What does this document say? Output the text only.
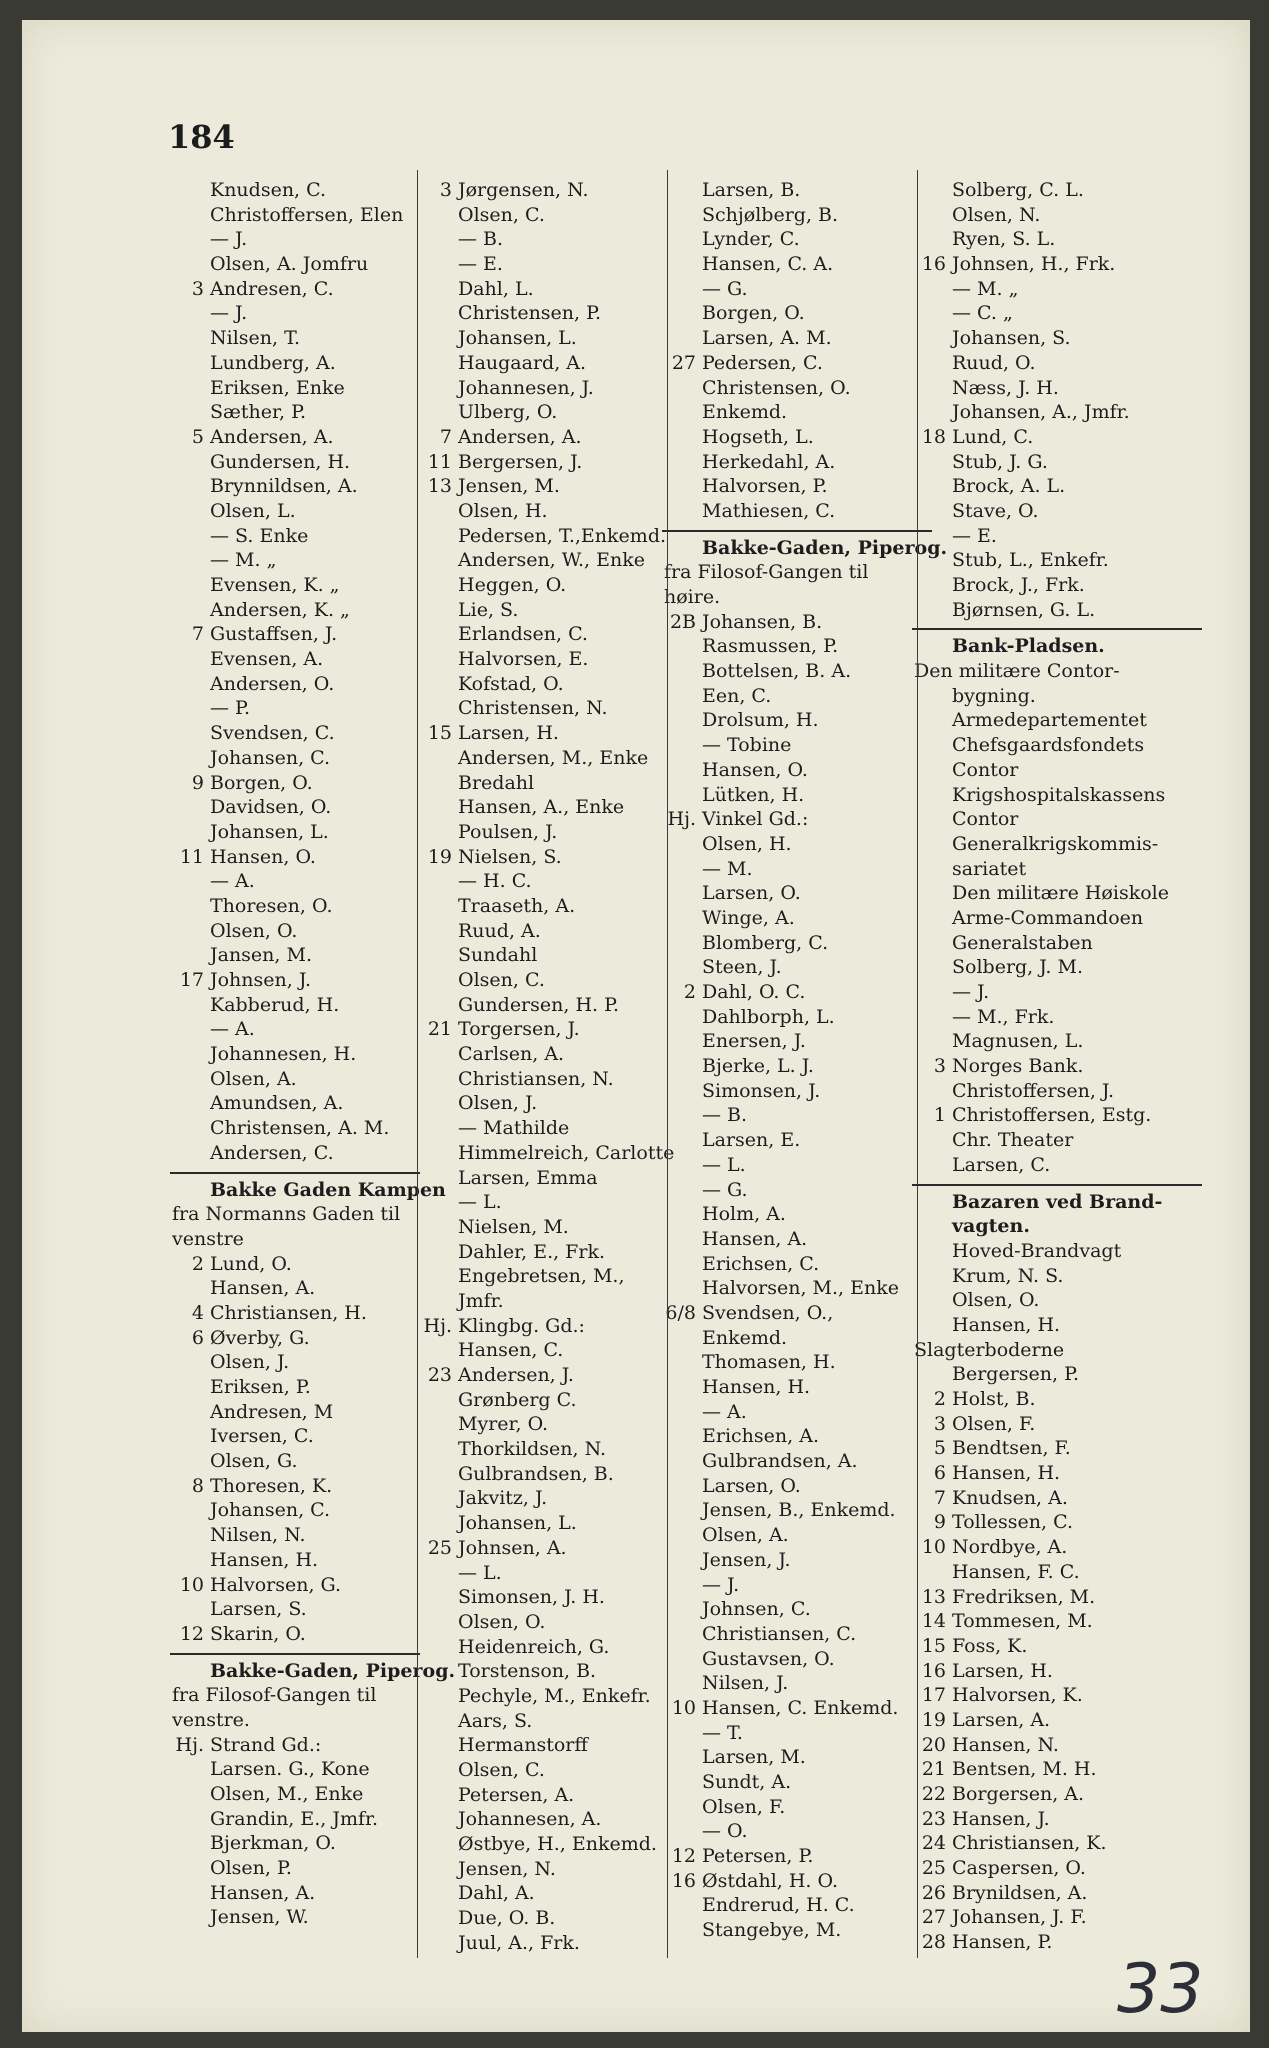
184
Knudsen, C.
Christoffersen, Elen
— J.
Olsen, A. Jomfru
3 Andresen, C.
— J.
Nilsen, T.
Lundberg, A.
Eriksen, Enke
Sæther, P.
5 Andersen, A.
Gundersen, H.
Brynnildsen, A.
Olsen, L.
— S. Enke
— M. „
Evensen, K. „
Andersen, K. „
7 Gustaffsen, J.
Evensen, A.
Andersen, O.
— P.
Svendsen, C.
Johansen, C.
9 Borgen, O.
Davidsen, O.
Johansen, L.
11 Hansen, O.
— A.
Thoresen, O.
Olsen, O.
Jansen, M.
17 Johnsen, J.
Kabberud, H.
— A.
Johannesen, H.
Olsen, A.
Amundsen, A.
Christensen, A. M.
Andersen, C.
Bakke Gaden Kampen
fra Normanns Gaden til
venstre
2 Lund, O.
Hansen, A.
4 Christiansen, H.
6 Øverby, G.
Olsen, J.
Eriksen, P.
Andresen, M
Iversen, C.
Olsen, G.
8 Thoresen, K.
Johansen, C.
Nilsen, N.
Hansen, H.
10 Halvorsen, G.
Larsen, S.
12 Skarin, O.
Bakke-Gaden, Piperog.
fra Filosof-Gangen til
venstre.
Hj. Strand Gd.:
Larsen. G., Kone
Olsen, M., Enke
Grandin, E., Jmfr.
Bjerkman, O.
Olsen, P.
Hansen, A.
Jensen, W.
3 Jørgensen, N.
Olsen, C.
— B.
— E.
Dahl, L.
Christensen, P.
Johansen, L.
Haugaard, A.
Johannesen, J.
Ulberg, O.
7 Andersen, A.
11 Bergersen, J.
13 Jensen, M.
Olsen, H.
Pedersen, T.,Enkemd.
Andersen, W., Enke
Heggen, O.
Lie, S.
Erlandsen, C.
Halvorsen, E.
Kofstad, O.
Christensen, N.
15 Larsen, H.
Andersen, M., Enke
Bredahl
Hansen, A., Enke
Poulsen, J.
19 Nielsen, S.
— H. C.
Traaseth, A.
Ruud, A.
Sundahl
Olsen, C.
Gundersen, H. P.
21 Torgersen, J.
Carlsen, A.
Christiansen, N.
Olsen, J.
— Mathilde
Himmelreich, Carlotte
Larsen, Emma
— L.
Nielsen, M.
Dahler, E., Frk.
Engebretsen, M.,
Jmfr.
Hj. Klingbg. Gd.:
Hansen, C.
23 Andersen, J.
Grønberg C.
Myrer, O.
Thorkildsen, N.
Gulbrandsen, B.
Jakvitz, J.
Johansen, L.
25 Johnsen, A.
— L.
Simonsen, J. H.
Olsen, O.
Heidenreich, G.
Torstenson, B.
Pechyle, M., Enkefr.
Aars, S.
Hermanstorff
Olsen, C.
Petersen, A.
Johannesen, A.
Østbye, H., Enkemd.
Jensen, N.
Dahl, A.
Due, O. B.
Juul, A., Frk.
Larsen, B.
Schjølberg, B.
Lynder, C.
Hansen, C. A.
— G.
Borgen, O.
Larsen, A. M.
27 Pedersen, C.
Christensen, O.
Enkemd.
Hogseth, L.
Herkedahl, A.
Halvorsen, P.
Mathiesen, C.
Bakke-Gaden, Piperog.
fra Filosof-Gangen til
høire.
2B Johansen, B.
Rasmussen, P.
Bottelsen, B. A.
Een, C.
Drolsum, H.
— Tobine
Hansen, O.
Lütken, H.
Hj. Vinkel Gd.:
Olsen, H.
— M.
Larsen, O.
Winge, A.
Blomberg, C.
Steen, J.
2 Dahl, O. C.
Dahlborph, L.
Enersen, J.
Bjerke, L. J.
Simonsen, J.
— B.
Larsen, E.
— L.
— G.
Holm, A.
Hansen, A.
Erichsen, C.
Halvorsen, M., Enke
6/8 Svendsen, O.,
Enkemd.
Thomasen, H.
Hansen, H.
— A.
Erichsen, A.
Gulbrandsen, A.
Larsen, O.
Jensen, B., Enkemd.
Olsen, A.
Jensen, J.
— J.
Johnsen, C.
Christiansen, C.
Gustavsen, O.
Nilsen, J.
10 Hansen, C. Enkemd.
— T.
Larsen, M.
Sundt, A.
Olsen, F.
— O.
12 Petersen, P.
16 Østdahl, H. O.
Endrerud, H. C.
Stangebye, M.
Solberg, C. L.
Olsen, N.
Ryen, S. L.
16 Johnsen, H., Frk.
— M. „
— C. „
Johansen, S.
Ruud, O.
Næss, J. H.
Johansen, A., Jmfr.
18 Lund, C.
Stub, J. G.
Brock, A. L.
Stave, O.
— E.
Stub, L., Enkefr.
Brock, J., Frk.
Bjørnsen, G. L.
Bank-Pladsen.
Den militære Contor-
bygning.
Armedepartementet
Chefsgaardsfondets
Contor
Krigshospitalskassens
Contor
Generalkrigskommis-
sariatet
Den militære Høiskole
Arme-Commandoen
Generalstaben
Solberg, J. M.
— J.
— M., Frk.
Magnusen, L.
3 Norges Bank.
Christoffersen, J.
1 Christoffersen, Estg.
Chr. Theater
Larsen, C.
Bazaren ved Brand-
vagten.
Hoved-Brandvagt
Krum, N. S.
Olsen, O.
Hansen, H.
Slagterboderne
Bergersen, P.
2 Holst, B.
3 Olsen, F.
5 Bendtsen, F.
6 Hansen, H.
7 Knudsen, A.
9 Tollessen, C.
10 Nordbye, A.
Hansen, F. C.
13 Fredriksen, M.
14 Tommesen, M.
15 Foss, K.
16 Larsen, H.
17 Halvorsen, K.
19 Larsen, A.
20 Hansen, N.
21 Bentsen, M. H.
22 Borgersen, A.
23 Hansen, J.
24 Christiansen, K.
25 Caspersen, O.
26 Brynildsen, A.
27 Johansen, J. F.
28 Hansen, P.
33
